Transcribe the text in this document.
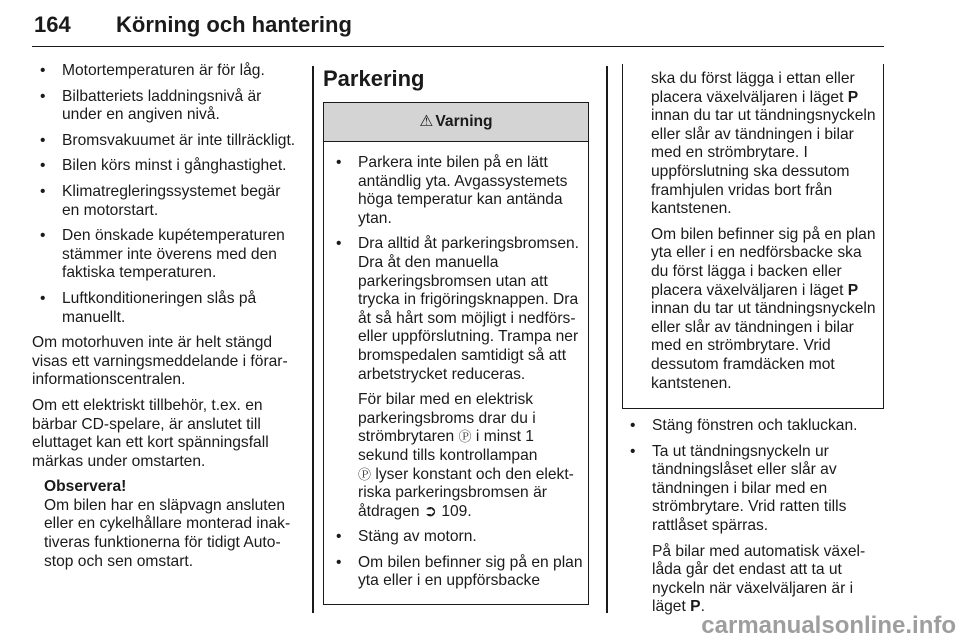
164 Körning och hantering
• Motortemperaturen är för låg.
• Bilbatteriets laddningsnivå är under en angiven nivå.
• Bromsvakuumet är inte tillräckligt.
• Bilen körs minst i gånghastighet.
• Klimatregleringssystemet begär en motorstart.
• Den önskade kupétemperaturen stämmer inte överens med den faktiska temperaturen.
• Luftkonditioneringen slås på manuellt.

Om motorhuven inte är helt stängd visas ett varningsmeddelande i förarinformationscentralen.

Om ett elektriskt tillbehör, t.ex. en bärbar CD-spelare, är anslutet till eluttaget kan ett kort spänningsfall märkas under omstarten.

Observera!
Om bilen har en släpvagn ansluten eller en cykelhållare monterad inaktiveras funktionerna för tidigt Auto-stop och sen omstart.
Parkering
⚠ Varning
• Parkera inte bilen på en lätt antändlig yta. Avgassystemets höga temperatur kan antända ytan.
• Dra alltid åt parkeringsbromsen. Dra åt den manuella parkeringsbromsen utan att trycka in frigöringsknappen. Dra åt så hårt som möjligt i nedförs- eller uppförslutning. Trampa ner bromspedalen samtidigt så att arbetstrycket reduceras.
För bilar med en elektrisk parkeringsbroms drar du i strömbrytaren Ⓟ i minst 1 sekund tills kontrollampan
Ⓟ lyser konstant och den elektriska parkeringsbromsen är åtdragen ➲ 109.
• Stäng av motorn.
• Om bilen befinner sig på en plan yta eller i en uppförsbacke

ska du först lägga i ettan eller placera växelväljaren i läget P innan du tar ut tändningsnyckeln eller slår av tändningen i bilar med en strömbrytare. I uppförslutning ska dessutom framhjulen vridas bort från kantstenen.

Om bilen befinner sig på en plan yta eller i en nedförsbacke ska du först lägga i backen eller placera växelväljaren i läget P innan du tar ut tändningsnyckeln eller slår av tändningen i bilar med en strömbrytare. Vrid dessutom framdäcken mot kantstenen.

• Stäng fönstren och takluckan.
• Ta ut tändningsnyckeln ur tändningslåset eller slår av tändningen i bilar med en strömbrytare. Vrid ratten tills rattlåset spärras.
På bilar med automatisk växellåda går det endast att ta ut nyckeln när växelväljaren är i läget P.
carmanualsonline.info
